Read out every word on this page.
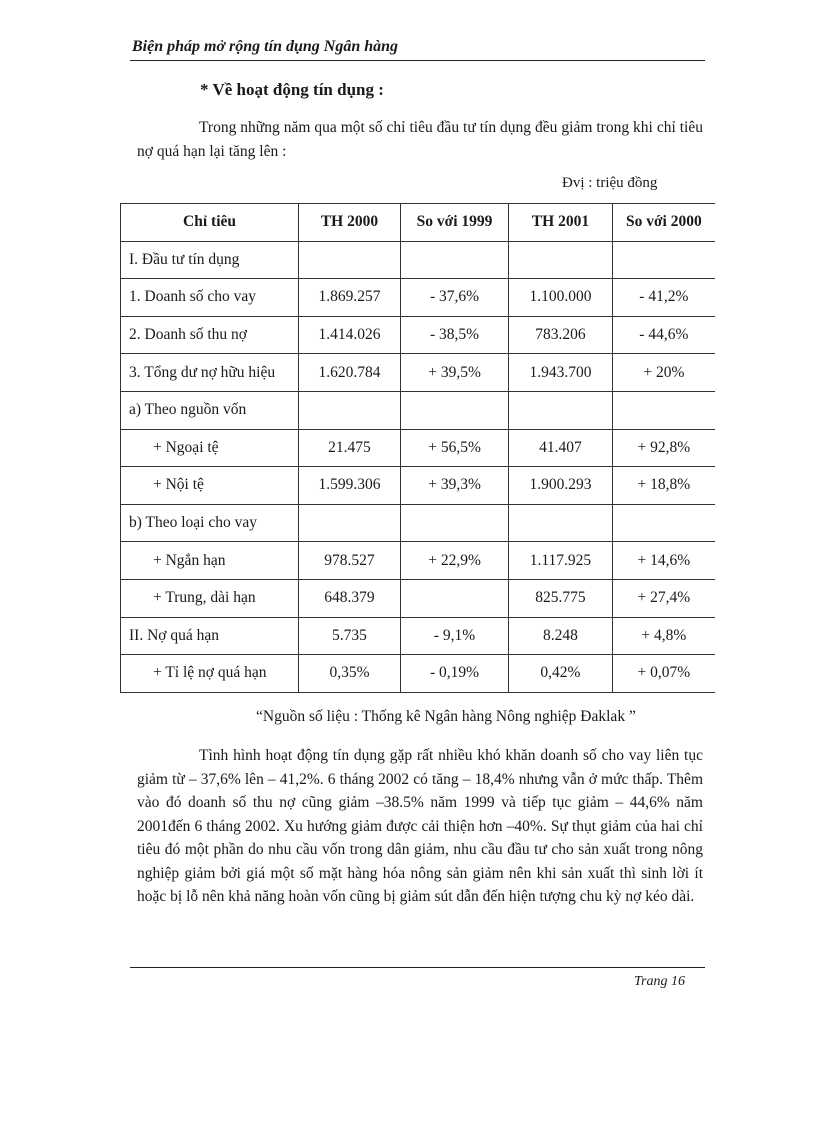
Biện pháp mở rộng tín dụng Ngân hàng
* Về hoạt động tín dụng :
Trong những năm qua một số chỉ tiêu đầu tư tín dụng đều giảm trong khi chỉ tiêu nợ quá hạn lại tăng lên :
Đvị : triệu đồng
Chỉ tiêu	TH 2000	So với 1999	TH 2001	So với 2000
I. Đầu tư tín dụng				
1. Doanh số cho vay	1.869.257	- 37,6%	1.100.000	- 41,2%
2. Doanh số thu nợ	1.414.026	- 38,5%	783.206	- 44,6%
3. Tổng dư nợ hữu hiệu	1.620.784	+ 39,5%	1.943.700	+ 20%
a) Theo nguồn vốn				
+ Ngoại tệ	21.475	+ 56,5%	41.407	+ 92,8%
+ Nội tệ	1.599.306	+ 39,3%	1.900.293	+ 18,8%
b) Theo loại cho vay				
+ Ngắn hạn	978.527	+ 22,9%	1.117.925	+ 14,6%
+ Trung, dài hạn	648.379		825.775	+ 27,4%
II. Nợ quá hạn	5.735	- 9,1%	8.248	+ 4,8%
+ Tỉ lệ nợ quá hạn	0,35%	- 0,19%	0,42%	+ 0,07%
“Nguồn số liệu : Thống kê Ngân hàng Nông nghiệp Đaklak ”
Tình hình hoạt động tín dụng gặp rất nhiều khó khăn doanh số cho vay liên tục giảm từ – 37,6% lên – 41,2%. 6 tháng 2002 có tăng – 18,4% nhưng vẫn ở mức thấp. Thêm vào đó doanh số thu nợ cũng giảm –38.5% năm 1999 và tiếp tục giảm – 44,6% năm 2001đến 6 tháng 2002. Xu hướng giảm được cải thiện hơn –40%. Sự thụt giảm của hai chỉ tiêu đó một phần do nhu cầu vốn trong dân giảm, nhu cầu đầu tư cho sản xuất trong nông nghiệp giảm bởi giá một số mặt hàng hóa nông sản giảm nên khi sản xuất thì sinh lời ít hoặc bị lỗ nên khả năng hoàn vốn cũng bị giảm sút dẫn đến hiện tượng chu kỳ nợ kéo dài.
Trang 16
